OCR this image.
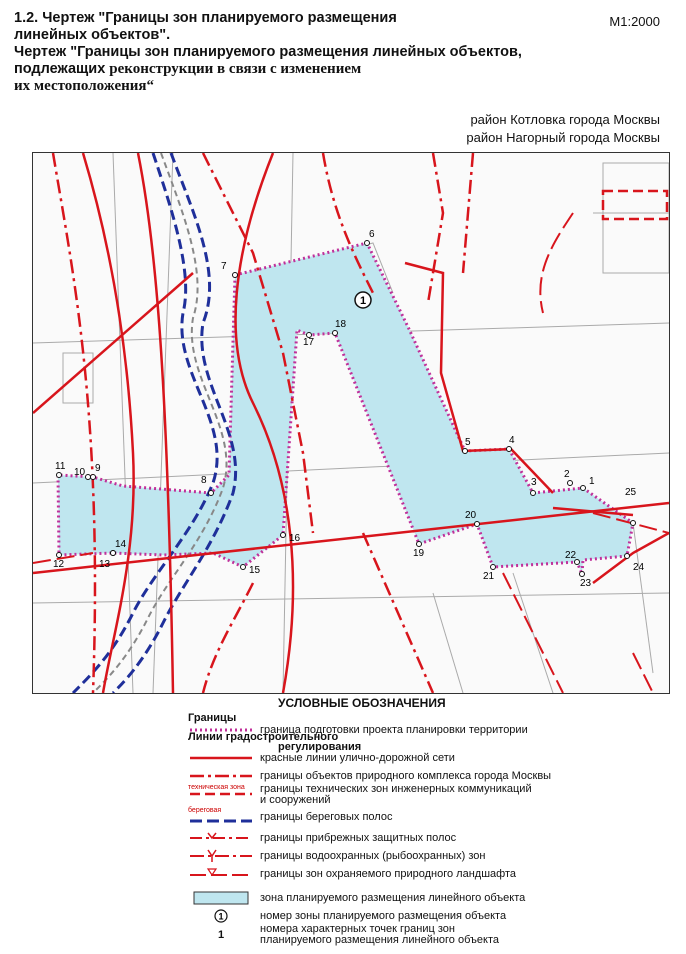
1.2. Чертеж "Границы зон планируемого размещения
линейных объектов".
Чертеж "Границы зон планируемого размещения линейных объектов,
подлежащих реконструкции в связи с изменением
их местоположения“
М1:2000
район Котловка города Москвы
район Нагорный города Москвы
1
1
2
3
4
5
6
7
8
9
10
11
12	13
14
15
16
17
18
19
20
21
22
23
24
25
УСЛОВНЫЕ ОБОЗНАЧЕНИЯ
Границы
граница подготовки проекта планировки территории
Линии градостроительного
регулирования
красные линии улично-дорожной сети
границы объектов природного комплекса города Москвы
техническая зона границы технических зон инженерных коммуникаций
и сооружений
береговая	границы береговых полос
границы прибрежных защитных полос
границы водоохранных (рыбоохранных) зон
границы зон охраняемого природного ландшафта
зона планируемого размещения линейного объекта
1	номер зоны планируемого размещения объекта
1	номера характерных точек границ зон
планируемого размещения линейного объекта
